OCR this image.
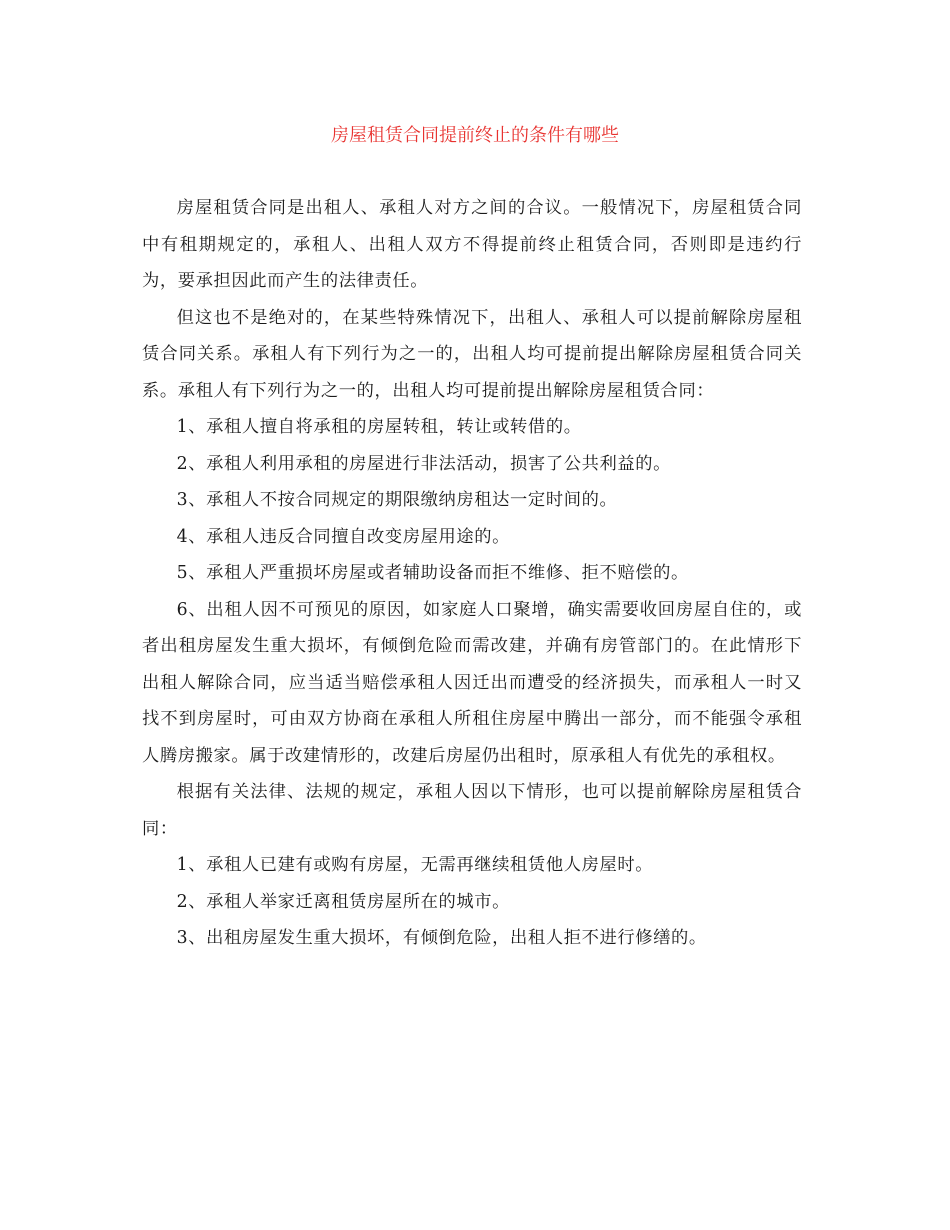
房屋租赁合同提前终止的条件有哪些

房屋租赁合同是出租人、承租人对方之间的合议。一般情况下，房屋租赁合同中有租期规定的，承租人、出租人双方不得提前终止租赁合同，否则即是违约行为，要承担因此而产生的法律责任。

但这也不是绝对的，在某些特殊情况下，出租人、承租人可以提前解除房屋租赁合同关系。承租人有下列行为之一的，出租人均可提前提出解除房屋租赁合同关系。承租人有下列行为之一的，出租人均可提前提出解除房屋租赁合同：

1、承租人擅自将承租的房屋转租，转让或转借的。

2、承租人利用承租的房屋进行非法活动，损害了公共利益的。

3、承租人不按合同规定的期限缴纳房租达一定时间的。

4、承租人违反合同擅自改变房屋用途的。

5、承租人严重损坏房屋或者辅助设备而拒不维修、拒不赔偿的。

6、出租人因不可预见的原因，如家庭人口聚增，确实需要收回房屋自住的，或者出租房屋发生重大损坏，有倾倒危险而需改建，并确有房管部门的。在此情形下出租人解除合同，应当适当赔偿承租人因迁出而遭受的经济损失，而承租人一时又找不到房屋时，可由双方协商在承租人所租住房屋中腾出一部分，而不能强令承租人腾房搬家。属于改建情形的，改建后房屋仍出租时，原承租人有优先的承租权。

根据有关法律、法规的规定，承租人因以下情形，也可以提前解除房屋租赁合同：

1、承租人已建有或购有房屋，无需再继续租赁他人房屋时。

2、承租人举家迁离租赁房屋所在的城市。

3、出租房屋发生重大损坏，有倾倒危险，出租人拒不进行修缮的。
